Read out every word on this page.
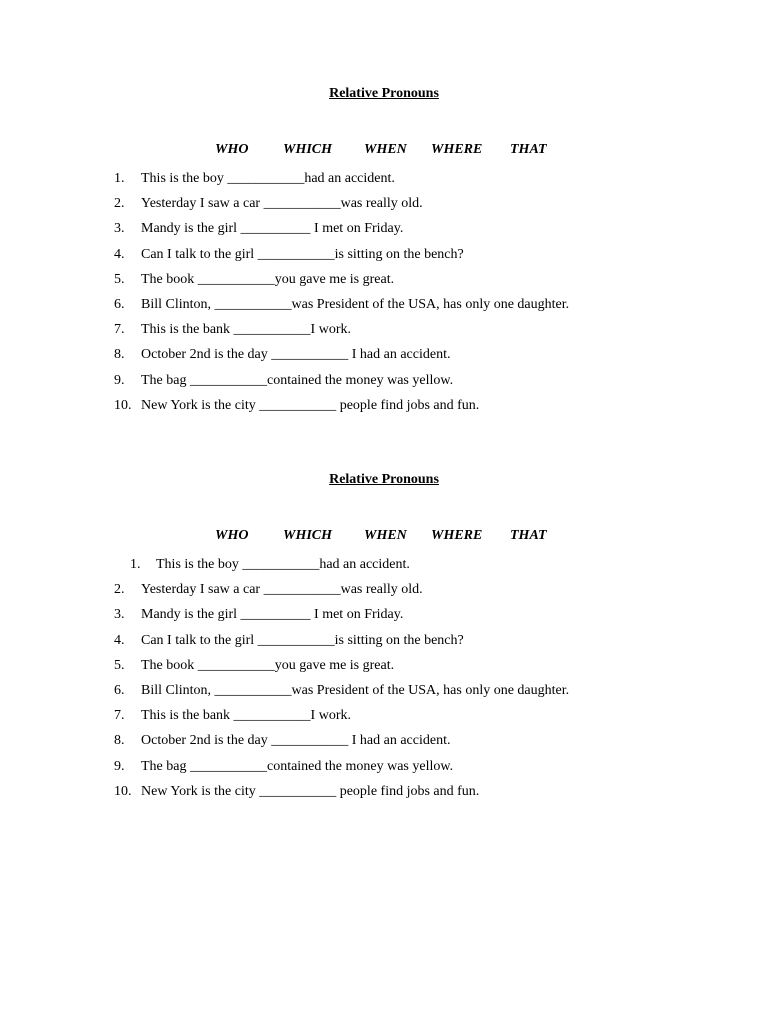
Relative Pronouns
WHO WHICH WHEN WHERE THAT
1. This is the boy ___________had an accident.
2. Yesterday I saw a car ___________was really old.
3. Mandy is the girl __________ I met on Friday.
4. Can I talk to the girl ___________is sitting on the bench?
5. The book ___________you gave me is great.
6. Bill Clinton, ___________was President of the USA, has only one daughter.
7. This is the bank ___________I work.
8. October 2nd is the day ___________ I had an accident.
9. The bag ___________contained the money was yellow.
10. New York is the city ___________ people find jobs and fun.
Relative Pronouns
WHO WHICH WHEN WHERE THAT
1. This is the boy ___________had an accident.
2. Yesterday I saw a car ___________was really old.
3. Mandy is the girl __________ I met on Friday.
4. Can I talk to the girl ___________is sitting on the bench?
5. The book ___________you gave me is great.
6. Bill Clinton, ___________was President of the USA, has only one daughter.
7. This is the bank ___________I work.
8. October 2nd is the day ___________ I had an accident.
9. The bag ___________contained the money was yellow.
10. New York is the city ___________ people find jobs and fun.
